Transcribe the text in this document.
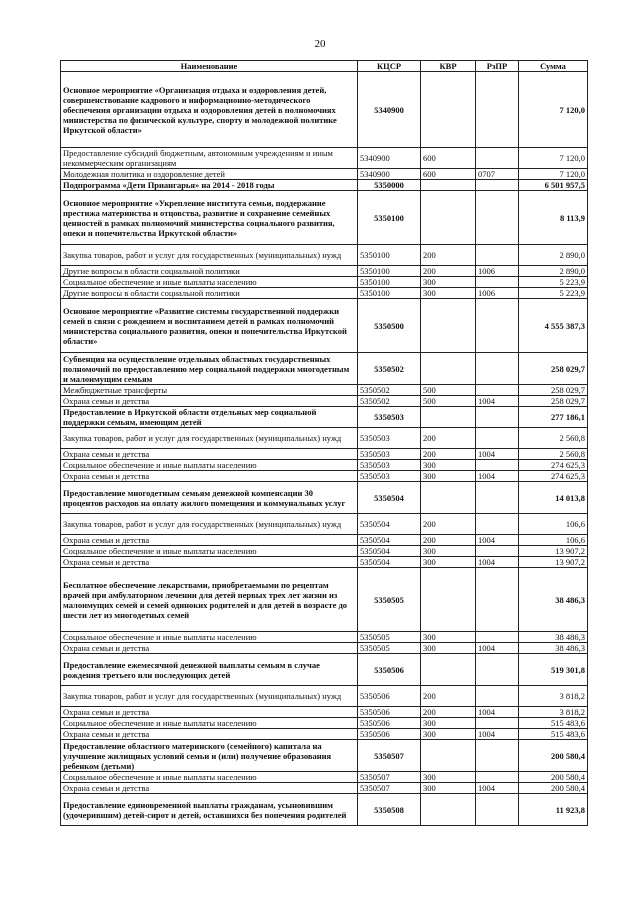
20
Наименование	КЦСР	КВР	РзПР	Сумма
Основное мероприятие «Организация отдыха и оздоровления детей, совершенствование кадрового и информационно-методического обеспечения организации отдыха и оздоровления детей в полномочиях министерства по физической культуре, спорту и молодежной политике Иркутской области»	5340900			7 120,0
Предоставление субсидий бюджетным, автономным учреждениям и иным некоммерческим организациям	5340900	600		7 120,0
Молодежная политика и оздоровление детей	5340900	600	0707	7 120,0
Подпрограмма «Дети Приангарья» на 2014 - 2018 годы	5350000			6 501 957,5
Основное мероприятие «Укрепление института семьи, поддержание престижа материнства и отцовства, развитие и сохранение семейных ценностей в рамках полномочий министерства социального развития, опеки и попечительства Иркутской области»	5350100			8 113,9
Закупка товаров, работ и услуг для государственных (муниципальных) нужд	5350100	200		2 890,0
Другие вопросы в области социальной политики	5350100	200	1006	2 890,0
Социальное обеспечение и иные выплаты населению	5350100	300		5 223,9
Другие вопросы в области социальной политики	5350100	300	1006	5 223,9
Основное мероприятие «Развитие системы государственной поддержки семей в связи с рождением и воспитанием детей в рамках полномочий министерства социального развития, опеки и попечительства Иркутской области»	5350500			4 555 387,3
Субвенция на осуществление отдельных областных государственных полномочий по предоставлению мер социальной поддержки многодетным и малоимущим семьям	5350502			258 029,7
Межбюджетные трансферты	5350502	500		258 029,7
Охрана семьи и детства	5350502	500	1004	258 029,7
Предоставление в Иркутской области отдельных мер социальной поддержки семьям, имеющим детей	5350503			277 186,1
Закупка товаров, работ и услуг для государственных (муниципальных) нужд	5350503	200		2 560,8
Охрана семьи и детства	5350503	200	1004	2 560,8
Социальное обеспечение и иные выплаты населению	5350503	300		274 625,3
Охрана семьи и детства	5350503	300	1004	274 625,3
Предоставление многодетным семьям денежной компенсации 30 процентов расходов на оплату жилого помещения и коммунальных услуг	5350504			14 013,8
Закупка товаров, работ и услуг для государственных (муниципальных) нужд	5350504	200		106,6
Охрана семьи и детства	5350504	200	1004	106,6
Социальное обеспечение и иные выплаты населению	5350504	300		13 907,2
Охрана семьи и детства	5350504	300	1004	13 907,2
Бесплатное обеспечение лекарствами, приобретаемыми по рецептам врачей при амбулаторном лечении для детей первых трех лет жизни из малоимущих семей и семей одиноких родителей и для детей в возрасте до шести лет из многодетных семей	5350505			38 486,3
Социальное обеспечение и иные выплаты населению	5350505	300		38 486,3
Охрана семьи и детства	5350505	300	1004	38 486,3
Предоставление ежемесячной денежной выплаты семьям в случае рождения третьего или последующих детей	5350506			519 301,8
Закупка товаров, работ и услуг для государственных (муниципальных) нужд	5350506	200		3 818,2
Охрана семьи и детства	5350506	200	1004	3 818,2
Социальное обеспечение и иные выплаты населению	5350506	300		515 483,6
Охрана семьи и детства	5350506	300	1004	515 483,6
Предоставление областного материнского (семейного) капитала на улучшение жилищных условий семьи и (или) получение образования ребенком (детьми)	5350507			200 580,4
Социальное обеспечение и иные выплаты населению	5350507	300		200 580,4
Охрана семьи и детства	5350507	300	1004	200 580,4
Предоставление единовременной выплаты гражданам, усыновившим (удочерившим) детей-сирот и детей, оставшихся без попечения родителей	5350508			11 923,8
